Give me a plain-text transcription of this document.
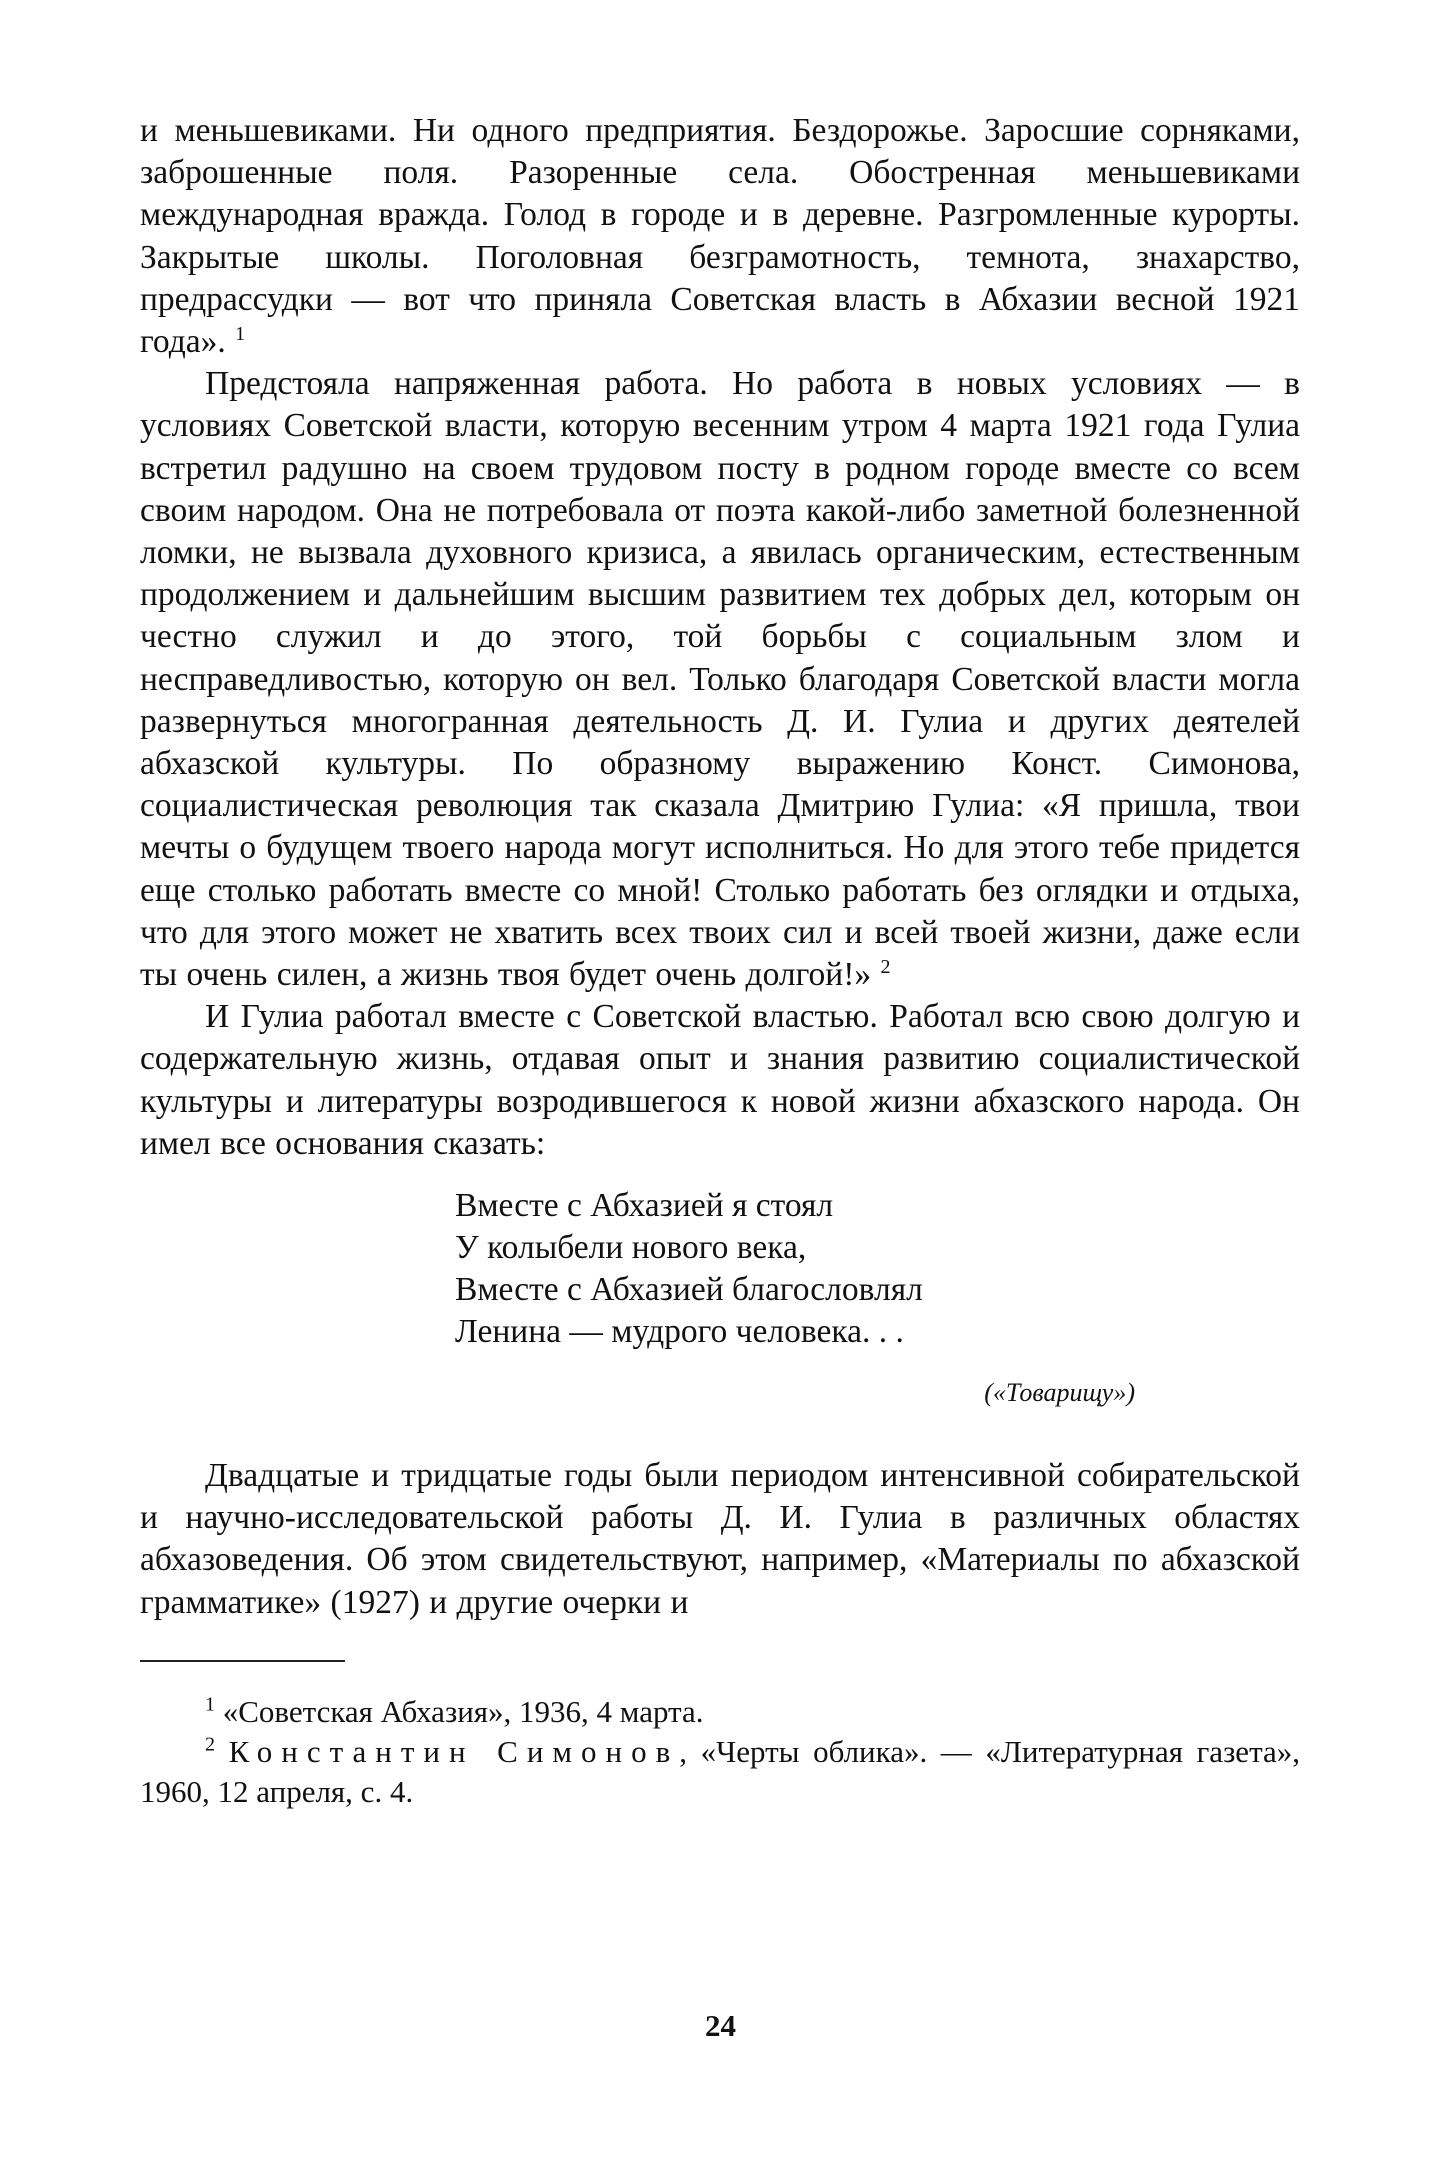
и меньшевиками. Ни одного предприятия. Бездорожье. Заросшие сорняками, заброшенные поля. Разоренные села. Обостренная меньшевиками международная вражда. Голод в городе и в деревне. Разгромленные курорты. Закрытые школы. Поголовная безграмотность, темнота, знахарство, предрассудки — вот что приняла Советская власть в Абхазии весной 1921 года». $^1$

Предстояла напряженная работа. Но работа в новых условиях — в условиях Советской власти, которую весенним утром 4 марта 1921 года Гулиа встретил радушно на своем трудовом посту в родном городе вместе со всем своим народом. Она не потребовала от поэта какой-либо заметной болезненной ломки, не вызвала духовного кризиса, а явилась органическим, естественным продолжением и дальнейшим высшим развитием тех добрых дел, которым он честно служил и до этого, той борьбы с социальным злом и несправедливостью, которую он вел. Только благодаря Советской власти могла развернуться многогранная деятельность Д. И. Гулиа и других деятелей абхазской культуры. По образному выражению Конст. Симонова, социалистическая революция так сказала Дмитрию Гулиа: «Я пришла, твои мечты о будущем твоего народа могут исполниться. Но для этого тебе придется еще столько работать вместе со мной! Столько работать без оглядки и отдыха, что для этого может не хватить всех твоих сил и всей твоей жизни, даже если ты очень силен, а жизнь твоя будет очень долгой!» $^2$

И Гулиа работал вместе с Советской властью. Работал всю свою долгую и содержательную жизнь, отдавая опыт и знания развитию социалистической культуры и литературы возродившегося к новой жизни абхазского народа. Он имел все основания сказать:

Вместе с Абхазией я стоял
У колыбели нового века,
Вместе с Абхазией благословлял
Ленина — мудрого человека. . .
(«Товарищу»)

Двадцатые и тридцатые годы были периодом интенсивной собирательской и научно-исследовательской работы Д. И. Гулиа в различных областях абхазоведения. Об этом свидетельствуют, например, «Материалы по абхазской грамматике» (1927) и другие очерки и

$^1$ «Советская Абхазия», 1936, 4 марта.

$^2$ Константин Симонов, «Черты облика». — «Литературная газета», 1960, 12 апреля, с. 4.

24
